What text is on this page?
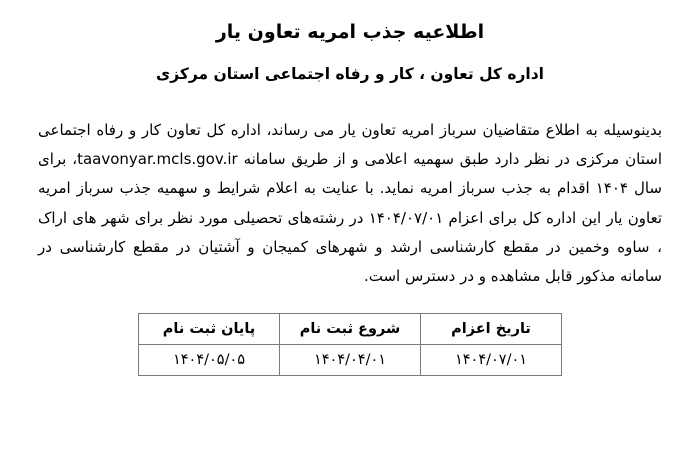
اطلاعیه جذب امریه تعاون یار
اداره کل تعاون ، کار و رفاه اجتماعی استان مرکزی

بدینوسیله به اطلاع متقاضیان سرباز امریه تعاون یار می رساند، اداره کل تعاون کار و رفاه اجتماعی استان مرکزی در نظر دارد طبق سهمیه اعلامی و از طریق سامانه taavonyar.mcls.gov.ir، برای سال ۱۴۰۴ اقدام به جذب سرباز امریه نماید. با عنایت به اعلام شرایط و سهمیه جذب سرباز امریه تعاون یار این اداره کل برای اعزام ۱۴۰۴/۰۷/۰۱ در رشته‌های تحصیلی مورد نظر برای شهر های اراک ، ساوه وخمین در مقطع کارشناسی ارشد و شهرهای کمیجان و آشتیان در مقطع کارشناسی در سامانه مذکور قابل مشاهده و در دسترس است.

تاریخ اعزام	شروع ثبت نام	پایان ثبت نام
۱۴۰۴/۰۷/۰۱	۱۴۰۴/۰۴/۰۱	۱۴۰۴/۰۵/۰۵
